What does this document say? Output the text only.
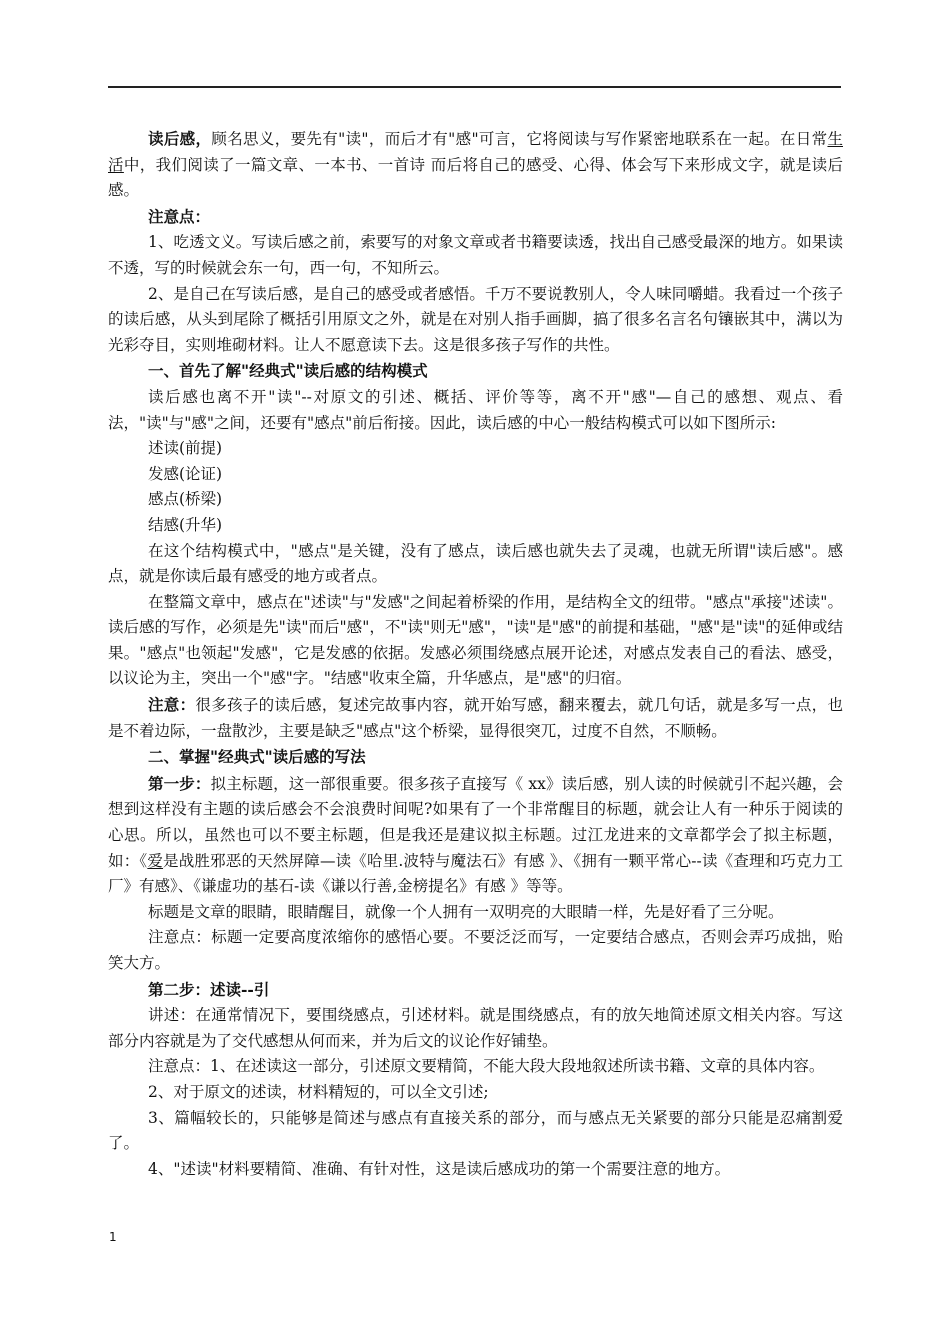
读后感，顾名思义，要先有"读"，而后才有"感"可言，它将阅读与写作紧密地联系在一起。在日常生活中，我们阅读了一篇文章、一本书、一首诗 而后将自己的感受、心得、体会写下来形成文字，就是读后感。

注意点：

1、吃透文义。写读后感之前，索要写的对象文章或者书籍要读透，找出自己感受最深的地方。如果读不透，写的时候就会东一句，西一句，不知所云。

2、是自己在写读后感，是自己的感受或者感悟。千万不要说教别人，令人味同嚼蜡。我看过一个孩子的读后感，从头到尾除了概括引用原文之外，就是在对别人指手画脚，搞了很多名言名句镶嵌其中，满以为光彩夺目，实则堆砌材料。让人不愿意读下去。这是很多孩子写作的共性。

一、首先了解"经典式"读后感的结构模式

读后感也离不开"读"--对原文的引述、概括、评价等等，离不开"感"—自己的感想、观点、看法，"读"与"感"之间，还要有"感点"前后衔接。因此，读后感的中心一般结构模式可以如下图所示:

述读(前提)

发感(论证)

感点(桥梁)

结感(升华)

在这个结构模式中，"感点"是关键，没有了感点，读后感也就失去了灵魂，也就无所谓"读后感"。感点，就是你读后最有感受的地方或者点。

在整篇文章中，感点在"述读"与"发感"之间起着桥梁的作用，是结构全文的纽带。"感点"承接"述读"。读后感的写作，必须是先"读"而后"感"，不"读"则无"感"，"读"是"感"的前提和基础，"感"是"读"的延伸或结果。"感点"也领起"发感"，它是发感的依据。发感必须围绕感点展开论述，对感点发表自己的看法、感受，以议论为主，突出一个"感"字。"结感"收束全篇，升华感点，是"感"的归宿。

注意：很多孩子的读后感，复述完故事内容，就开始写感，翻来覆去，就几句话，就是多写一点，也是不着边际，一盘散沙，主要是缺乏"感点"这个桥梁，显得很突兀，过度不自然，不顺畅。

二、掌握"经典式"读后感的写法

第一步：拟主标题，这一部很重要。很多孩子直接写《 xx》读后感，别人读的时候就引不起兴趣，会想到这样没有主题的读后感会不会浪费时间呢?如果有了一个非常醒目的标题，就会让人有一种乐于阅读的心思。所以，虽然也可以不要主标题，但是我还是建议拟主标题。过江龙进来的文章都学会了拟主标题，如：《爱是战胜邪恶的天然屏障—读《哈里.波特与魔法石》有感 》、《拥有一颗平常心--读《查理和巧克力工厂》有感》、《谦虚功的基石-读《谦以行善,金榜提名》有感 》等等。

标题是文章的眼睛，眼睛醒目，就像一个人拥有一双明亮的大眼睛一样，先是好看了三分呢。

注意点：标题一定要高度浓缩你的感悟心要。不要泛泛而写，一定要结合感点，否则会弄巧成拙，贻笑大方。

第二步：述读--引

讲述：在通常情况下，要围绕感点，引述材料。就是围绕感点，有的放矢地简述原文相关内容。写这部分内容就是为了交代感想从何而来，并为后文的议论作好铺垫。

注意点：1、在述读这一部分，引述原文要精简，不能大段大段地叙述所读书籍、文章的具体内容。

2、对于原文的述读，材料精短的，可以全文引述;

3、篇幅较长的，只能够是简述与感点有直接关系的部分，而与感点无关紧要的部分只能是忍痛割爱了。

4、"述读"材料要精简、准确、有针对性，这是读后感成功的第一个需要注意的地方。

1
